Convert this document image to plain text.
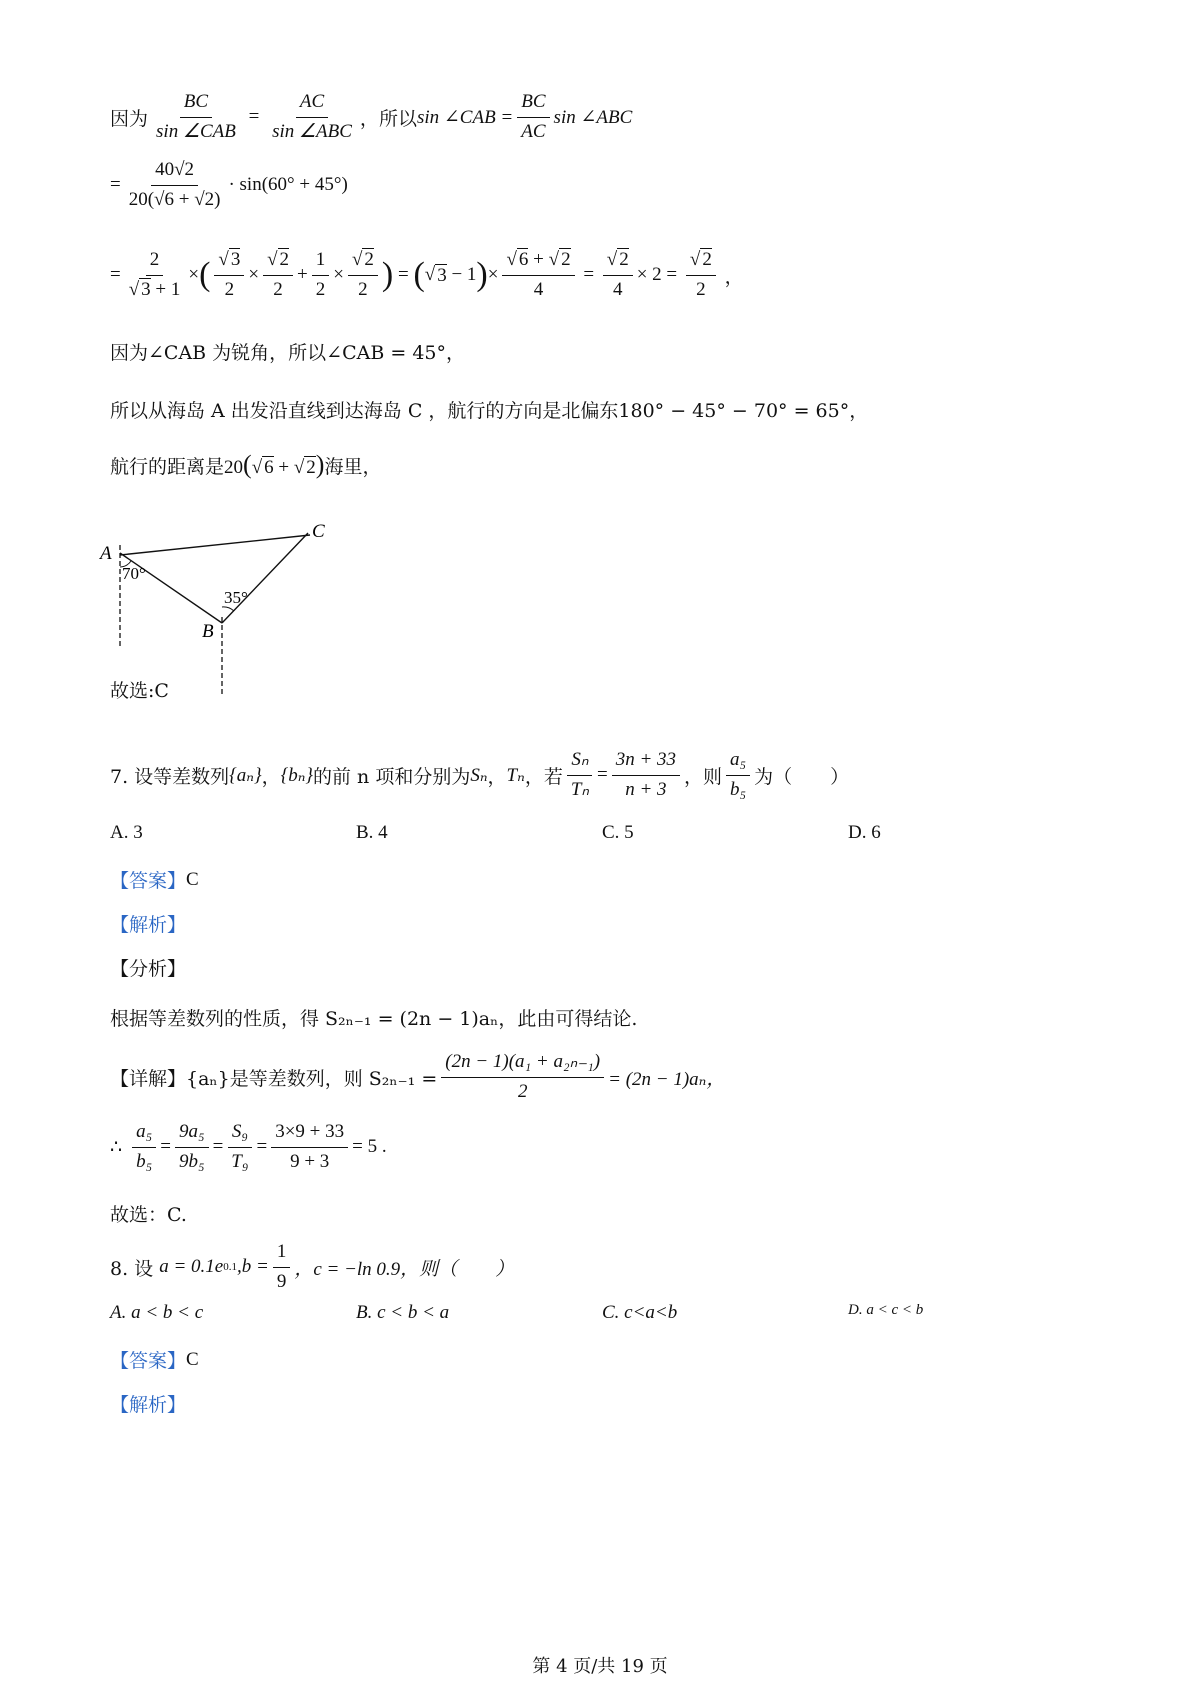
因为 $\frac{BC}{\text{sin ∠CAB}} = \frac{AC}{\text{sin ∠ABC}}$ ， 所以 sin ∠CAB = $\frac{BC}{AC}$ sin ∠ABC
= $\frac{40√2}{20(√6 + √2)} \cdot \sin(60^\circ + 45^\circ)$
= $\frac{2}{√ 3 + 1}$ × ( $\frac{√ 3}{2} \times \frac{√ 2}{2} + \frac{1}{2} \times \frac{√ 2}{2}$ ) = ( √ 3 − 1 ) × $\frac{√ 6 + √ 2}{4} = \frac{√ 2}{4} \times 2 = \frac{√ 2}{2}$ ，
因为∠CAB 为锐角，所以∠CAB = 45°，
所以从海岛 A 出发沿直线到达海岛 C ，航行的方向是北偏东180° − 45° − 70° = 65°，
航行的距离是 20(√ 6 + √ 2) 海里，
A
B
C
70°
35°
故选:C
7. 设等差数列 {aₙ} ， {bₙ} 的前 n 项和分别为 Sₙ ， Tₙ ，若 $\frac{\text{Sₙ}}{\text{Tₙ}} = \frac{3n + 33}{n + 3}$ ，则 $\frac{\text{a₅}}{\text{b₅}}$ 为（　　）
A. 3	B. 4	C. 5	D. 6
【答案】 C
【解析】
【分析】
根据等差数列的性质，得 S₂ₙ₋₁ = (2n − 1)aₙ，此由可得结论.
【详解】 {aₙ}是等差数列，则 $S_{2n-1} = \frac{\text{(2n − 1)(a₁ + a₂ₙ₋₁)}}{2} = (2n - 1)a_n$，
∴
$\frac{\text{a₅}}{\text{b₅}} = \frac{\text{9a₅}}{\text{9b₅}} = \frac{\text{S₉}}{\text{T₉}} = \frac{3\times 9 + 33}{9 + 3} = 5$ .
故选：C.
8. 设
a = 0.1e 0.1 $,b = \frac{1}{9}$ ，c = −ln 0.9，则（　　）
A. a < b < c	B. c < b < a	C. c<a<b	D. a < c < b
【答案】 C
【解析】
第 4 页/共 19 页
